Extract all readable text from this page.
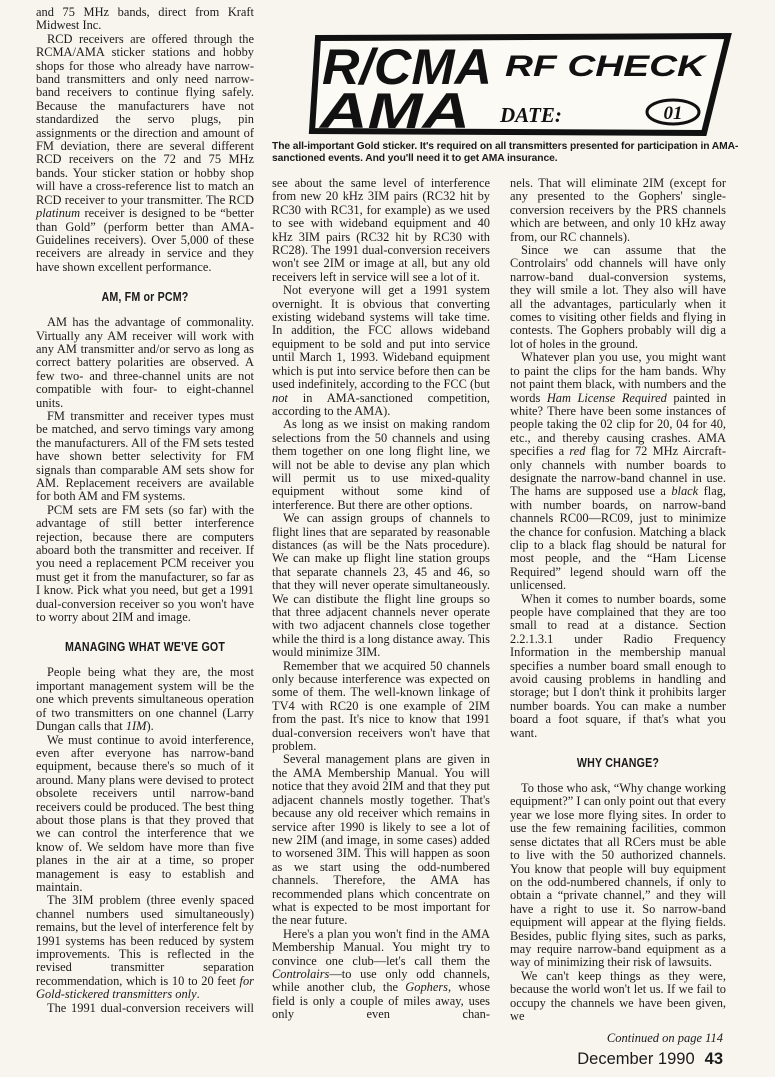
R/CMA RF CHECK
AMA DATE:	01
The all-important Gold sticker. It's required on all transmitters presented for participation in AMA-sanctioned events. And you'll need it to get AMA insurance.

and 75 MHz bands, direct from Kraft Midwest Inc.

RCD receivers are offered through the RCMA/AMA sticker stations and hobby shops for those who already have narrow-band transmitters and only need narrow-band receivers to continue flying safely. Because the manufacturers have not standardized the servo plugs, pin assignments or the direction and amount of FM deviation, there are several different RCD receivers on the 72 and 75 MHz bands. Your sticker station or hobby shop will have a cross-reference list to match an RCD receiver to your transmitter. The RCD platinum receiver is designed to be “better than Gold” (perform better than AMA-Guidelines receivers). Over 5,000 of these receivers are already in service and they have shown excellent performance.

AM, FM or PCM?

AM has the advantage of commonality. Virtually any AM receiver will work with any AM transmitter and/or servo as long as correct battery polarities are observed. A few two- and three-channel units are not compatible with four- to eight-channel units.

FM transmitter and receiver types must be matched, and servo timings vary among the manufacturers. All of the FM sets tested have shown better selectivity for FM signals than comparable AM sets show for AM. Replacement receivers are available for both AM and FM systems.

PCM sets are FM sets (so far) with the advantage of still better interference rejection, because there are computers aboard both the transmitter and receiver. If you need a replacement PCM receiver you must get it from the manufacturer, so far as I know. Pick what you need, but get a 1991 dual-conversion receiver so you won't have to worry about 2IM and image.

MANAGING WHAT WE'VE GOT

People being what they are, the most important management system will be the one which prevents simultaneous operation of two transmitters on one channel (Larry Dungan calls that 1IM).

We must continue to avoid interference, even after everyone has narrow-band equipment, because there's so much of it around. Many plans were devised to protect obsolete receivers until narrow-band receivers could be produced. The best thing about those plans is that they proved that we can control the interference that we know of. We seldom have more than five planes in the air at a time, so proper management is easy to establish and maintain.

The 3IM problem (three evenly spaced channel numbers used simultaneously) remains, but the level of interference felt by 1991 systems has been reduced by system improvements. This is reflected in the revised transmitter separation recommendation, which is 10 to 20 feet for Gold-stickered transmitters only.

The 1991 dual-conversion receivers will

see about the same level of interference from new 20 kHz 3IM pairs (RC32 hit by RC30 with RC31, for example) as we used to see with wideband equipment and 40 kHz 3IM pairs (RC32 hit by RC30 with RC28). The 1991 dual-conversion receivers won't see 2IM or image at all, but any old receivers left in service will see a lot of it.

Not everyone will get a 1991 system overnight. It is obvious that converting existing wideband systems will take time. In addition, the FCC allows wideband equipment to be sold and put into service until March 1, 1993. Wideband equipment which is put into service before then can be used indefinitely, according to the FCC (but not in AMA-sanctioned competition, according to the AMA).

As long as we insist on making random selections from the 50 channels and using them together on one long flight line, we will not be able to devise any plan which will permit us to use mixed-quality equipment without some kind of interference. But there are other options.

We can assign groups of channels to flight lines that are separated by reasonable distances (as will be the Nats procedure). We can make up flight line station groups that separate channels 23, 45 and 46, so that they will never operate simultaneously. We can distibute the flight line groups so that three adjacent channels never operate with two adjacent channels close together while the third is a long distance away. This would minimize 3IM.

Remember that we acquired 50 channels only because interference was expected on some of them. The well-known linkage of TV4 with RC20 is one example of 2IM from the past. It's nice to know that 1991 dual-conversion receivers won't have that problem.

Several management plans are given in the AMA Membership Manual. You will notice that they avoid 2IM and that they put adjacent channels mostly together. That's because any old receiver which remains in service after 1990 is likely to see a lot of new 2IM (and image, in some cases) added to worsened 3IM. This will happen as soon as we start using the odd-numbered channels. Therefore, the AMA has recommended plans which concentrate on what is expected to be most important for the near future.

Here's a plan you won't find in the AMA Membership Manual. You might try to convince one club—let's call them the Controlairs—to use only odd channels, while another club, the Gophers, whose field is only a couple of miles away, uses only even chan-

nels. That will eliminate 2IM (except for any presented to the Gophers' single-conversion receivers by the PRS channels which are between, and only 10 kHz away from, our RC channels).

Since we can assume that the Controlairs' odd channels will have only narrow-band dual-conversion systems, they will smile a lot. They also will have all the advantages, particularly when it comes to visiting other fields and flying in contests. The Gophers probably will dig a lot of holes in the ground.

Whatever plan you use, you might want to paint the clips for the ham bands. Why not paint them black, with numbers and the words Ham License Required painted in white? There have been some instances of people taking the 02 clip for 20, 04 for 40, etc., and thereby causing crashes. AMA specifies a red flag for 72 MHz Aircraft-only channels with number boards to designate the narrow-band channel in use. The hams are supposed use a black flag, with number boards, on narrow-band channels RC00—RC09, just to minimize the chance for confusion. Matching a black clip to a black flag should be natural for most people, and the “Ham License Required” legend should warn off the unlicensed.

When it comes to number boards, some people have complained that they are too small to read at a distance. Section 2.2.1.3.1 under Radio Frequency Information in the membership manual specifies a number board small enough to avoid causing problems in handling and storage; but I don't think it prohibits larger number boards. You can make a number board a foot square, if that's what you want.

WHY CHANGE?

To those who ask, “Why change working equipment?” I can only point out that every year we lose more flying sites. In order to use the few remaining facilities, common sense dictates that all RCers must be able to live with the 50 authorized channels. You know that people will buy equipment on the odd-numbered channels, if only to obtain a “private channel,” and they will have a right to use it. So narrow-band equipment will appear at the flying fields. Besides, public flying sites, such as parks, may require narrow-band equipment as a way of minimizing their risk of lawsuits.

We can't keep things as they were, because the world won't let us. If we fail to occupy the channels we have been given, we

Continued on page 114
December 1990 43
